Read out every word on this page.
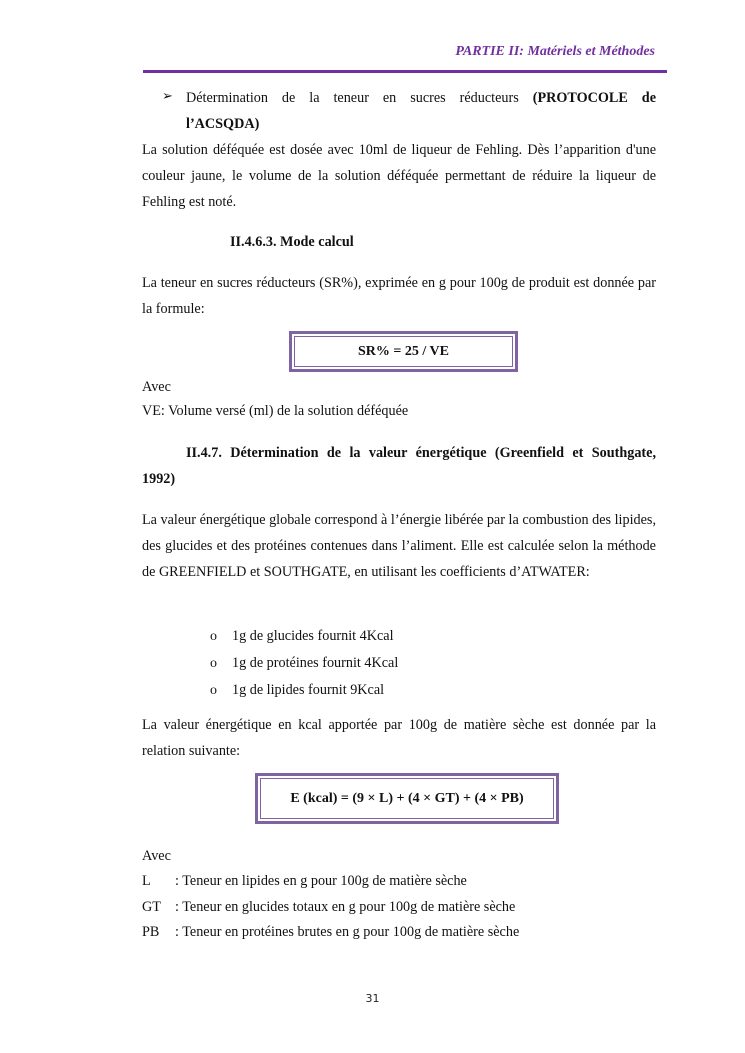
PARTIE II: Matériels et Méthodes
➢ Détermination de la teneur en sucres réducteurs (PROTOCOLE de
l’ACSQDA)
La solution déféquée est dosée avec 10ml de liqueur de Fehling. Dès l’apparition d'une couleur jaune, le volume de la solution déféquée permettant de réduire la liqueur de Fehling est noté.
II.4.6.3. Mode calcul
La teneur en sucres réducteurs (SR%), exprimée en g pour 100g de produit est donnée par la formule:
SR% = 25 / VE
Avec
VE: Volume versé (ml) de la solution déféquée
II.4.7. Détermination de la valeur énergétique (Greenfield et Southgate,
1992)
La valeur énergétique globale correspond à l’énergie libérée par la combustion des lipides, des glucides et des protéines contenues dans l’aliment. Elle est calculée selon la méthode de GREENFIELD et SOUTHGATE, en utilisant les coefficients d’ATWATER:
o 1g de glucides fournit 4Kcal
o 1g de protéines fournit 4Kcal
o 1g de lipides fournit 9Kcal
La valeur énergétique en kcal apportée par 100g de matière sèche est donnée par la relation suivante:
E (kcal) = (9 × L) + (4 × GT) + (4 × PB)
Avec
L : Teneur en lipides en g pour 100g de matière sèche
GT : Teneur en glucides totaux en g pour 100g de matière sèche
PB : Teneur en protéines brutes en g pour 100g de matière sèche
31
